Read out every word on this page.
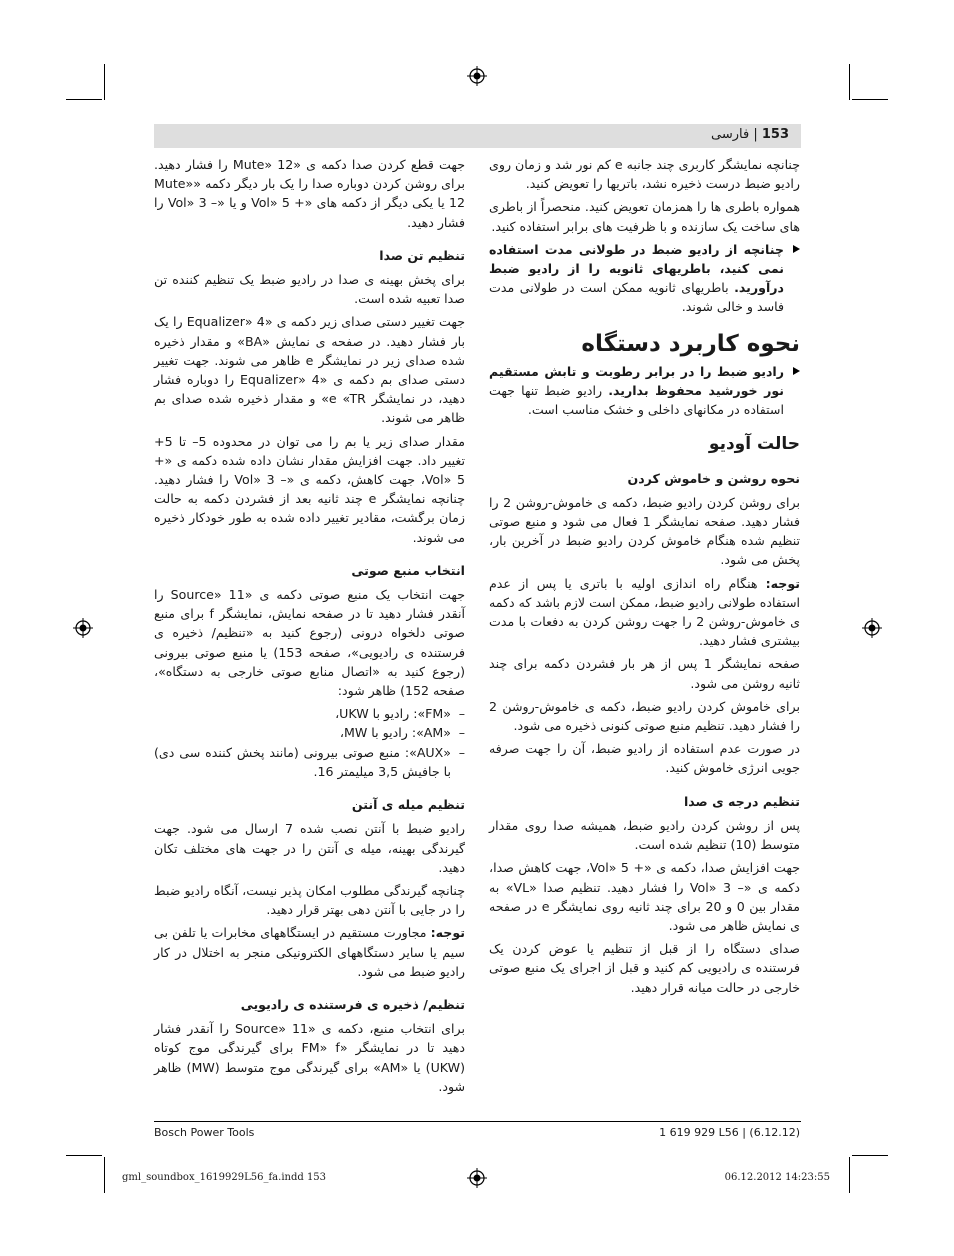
153 | فارسی

چنانچه نمایشگر کاربری چند جانبه e کم نور شد و زمان روی رادیو ضبط درست ذخیره نشد، باتریها را تعویض کنید.

همواره باطری ها را همزمان تعویض کنید. منحصراً از باطری های ساخت یک سازنده و با ظرفیت های برابر استفاده کنید.

چنانچه از رادیو ضبط در طولانی مدت استفاده نمی کنید، باطریهای ثانویه را از رادیو ضبط درآورید. باطریهای ثانویه ممکن است در طولانی مدت فاسد و خالی شوند.
نحوه کاربرد دستگاه
رادیو ضبط را در برابر رطوبت و تابش مستقیم نور خورشید محفوظ بدارید. رادیو ضبط تنها جهت استفاده در مکانهای داخلی و خشک مناسب است.
حالت آودیو
نحوه روشن و خاموش کردن

برای روشن کردن رادیو ضبط، دکمه ی خاموش-روشن 2 را فشار دهید. صفحه نمایشگر 1 فعال می شود و منبع صوتی تنظیم شده هنگام خاموش کردن رادیو ضبط در آخرین بار، پخش می شود.

توجه: هنگام راه اندازی اولیه با باتری یا پس از عدم استفاده طولانی رادیو ضبط، ممکن است لازم باشد که دکمه ی خاموش-روشن 2 را جهت روشن کردن به دفعات با مدت بیشتری فشار دهید.

صفحه نمایشگر 1 پس از هر بار فشردن دکمه برای چند ثانیه روشن می شود.

برای خاموش کردن رادیو ضبط، دکمه ی خاموش-روشن 2 را فشار دهید. تنظیم منبع صوتی کنونی ذخیره می شود.

در صورت عدم استفاده از رادیو ضبط، آن را جهت صرفه جویی انرژی خاموش کنید.

تنظیم درجه ی صدا

پس از روشن کردن رادیو ضبط، همیشه صدا روی مقدار متوسط (10) تنظیم شده است.

جهت افزایش صدا، دکمه ی «+ Vol» 5، جهت کاهش صدا، دکمه ی «– Vol» 3 را فشار دهید. تنظیم صدا «VL» به مقدار بین 0 و 20 برای چند ثانیه روی نمایشگر e در صفحه ی نمایش ظاهر می شود.

صدای دستگاه را از قبل از تنظیم یا عوض کردن یک فرستنده ی رادیویی کم کنید و قبل از اجرای یک منبع صوتی خارجی در حالت میانه قرار دهید.

جهت قطع کردن صدا دکمه ی «Mute» 12 را فشار دهید. برای روشن کردن دوباره صدا را یک بار دیگر دکمه «Mute» 12 یا یکی دیگر از دکمه های «+ Vol» 5 و یا «– Vol» 3 را فشار دهید.

تنظیم تن صدا

برای پخش بهینه ی صدا در رادیو ضبط یک تنظیم کننده تن صدا تعبیه شده است.

جهت تغییر دستی صدای زیر دکمه ی «Equalizer» 4 را یک بار فشار دهید. در صفحه ی نمایش «BA» و مقدار ذخیره شده صدای زیر در نمایشگر e ظاهر می شوند. جهت تغییر دستی صدای بم دکمه ی «Equalizer» 4 را دوباره فشار دهید، در نمایشگر e «TR» و مقدار ذخیره شده صدای بم ظاهر می شوند.

مقدار صدای زیر یا بم را می توان در محدوده 5– تا 5+ تغییر داد. جهت افزایش مقدار نشان داده شده دکمه ی «+ Vol» 5، جهت کاهش، دکمه ی «– Vol» 3 را فشار دهید. چنانچه نمایشگر e چند ثانیه بعد از فشردن دکمه به حالت زمان برگشت، مقادیر تغییر داده شده به طور خودکار ذخیره می شوند.

انتخاب منبع صوتی

جهت انتخاب یک منبع صوتی دکمه ی «Source» 11 را آنقدر فشار دهید تا در صفحه نمایش، نمایشگر f برای منبع صوتی دلخواه درونی (رجوع کنید به «تنظیم/ ذخیره ی فرستنده ی رادیویی»، صفحه 153) یا منبع صوتی بیرونی (رجوع کنید به «اتصال منابع صوتی خارجی به دستگاه»، صفحه 152) ظاهر شود:

– «FM»: رادیو با UKW،
– «AM»: رادیو با MW،
– «AUX»: منبع صوتی بیرونی (مانند پخش کننده سی دی) با جافیش 3,5 میلیمتر 16.
تنظیم میله ی آنتن

رادیو ضبط با آنتن نصب شده 7 ارسال می شود. جهت گیرندگی بهینه، میله ی آنتن را در جهت های مختلف تکان دهید.

چنانچه گیرندگی مطلوب امکان پذیر نیست، آنگاه رادیو ضبط را در جایی با آنتن دهی بهتر قرار دهید.

توجه: مجاورت مستقیم در ایستگاههای مخابرات یا تلفن بی سیم یا سایر دستگاههای الکترونیکی منجر به اختلال در کار رادیو ضبط می شود.

تنظیم/ ذخیره ی فرستنده ی رادیویی

برای انتخاب منبع، دکمه ی «Source» 11 را آنقدر فشار دهید تا در نمایشگر «FM» f برای گیرندگی موج کوتاه (UKW) یا «AM» برای گیرندگی موج متوسط (MW) ظاهر شود.

Bosch Power Tools	1 619 929 L56 | (6.12.12)
gml_soundbox_1619929L56_fa.indd 153	06.12.2012 14:23:55
